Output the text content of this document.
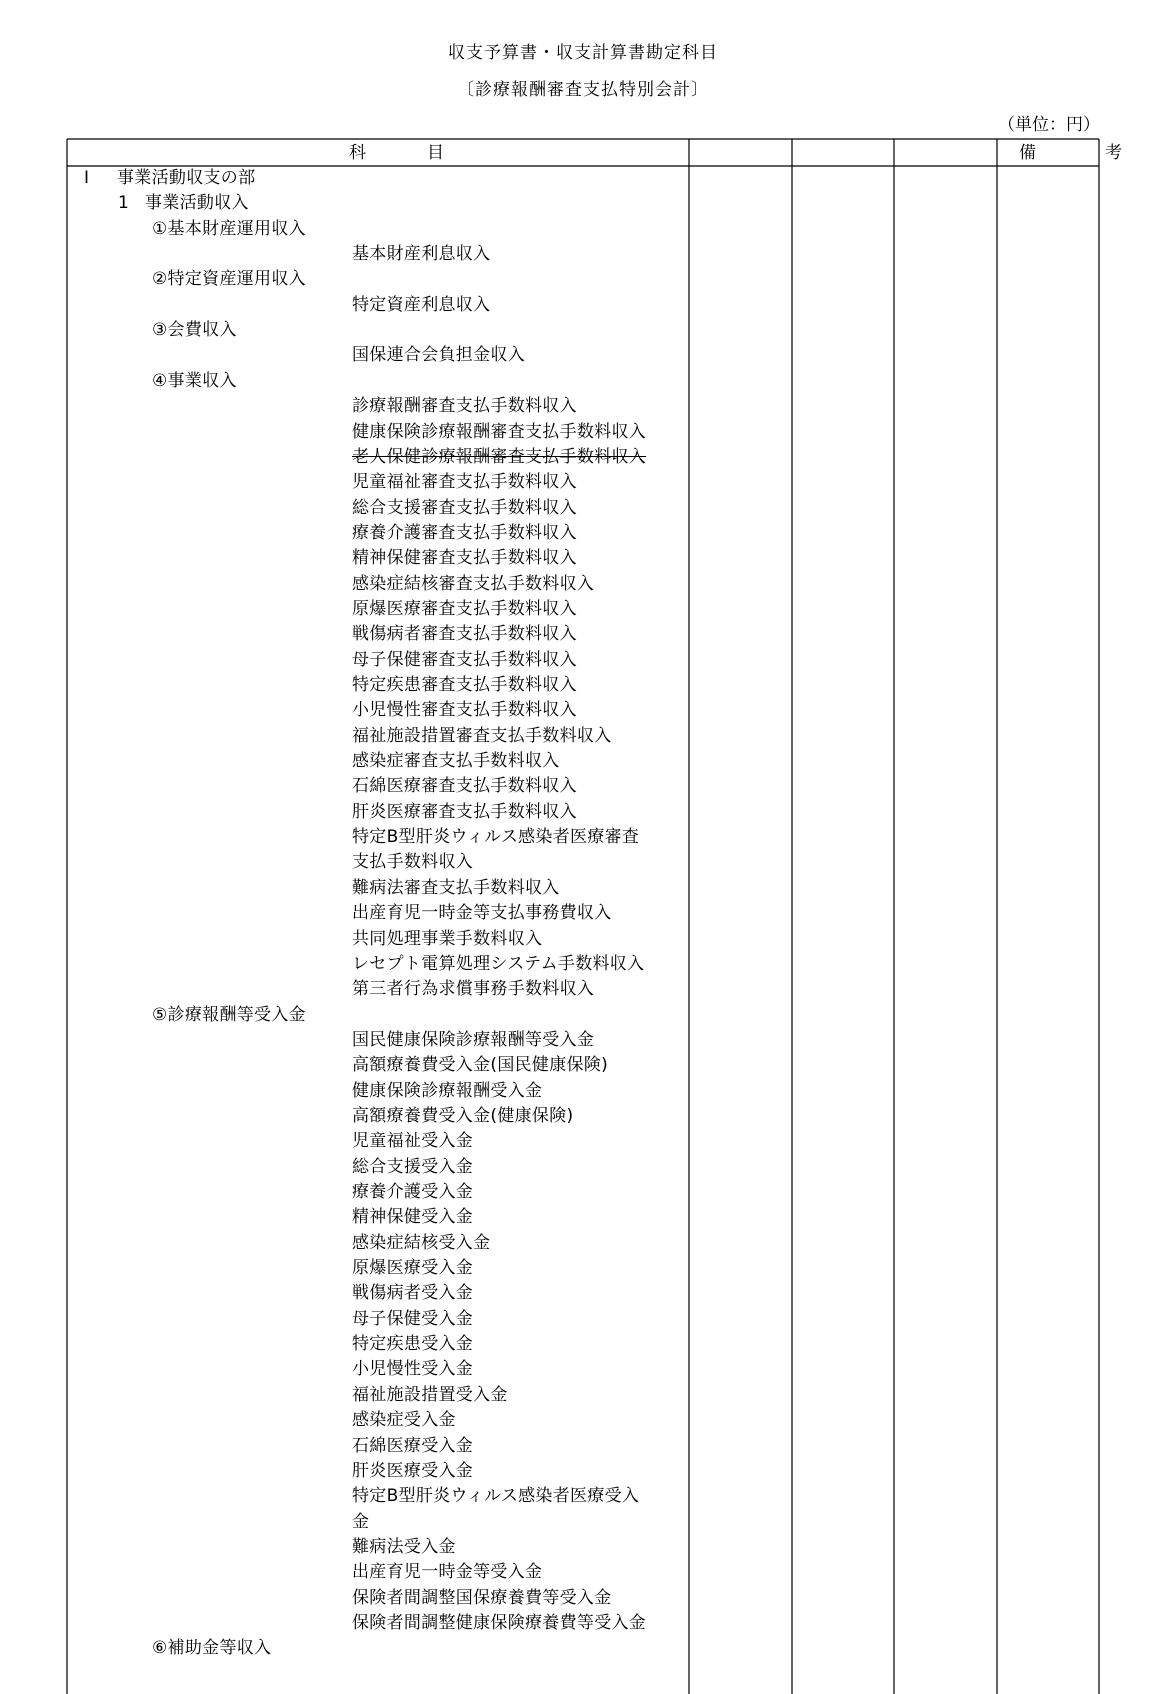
収支予算書・収支計算書勘定科目
〔診療報酬審査支払特別会計〕
（単位：円）
科　目	備　考
Ⅰ 事業活動収支の部
1 事業活動収入
①基本財産運用収入
基本財産利息収入
②特定資産運用収入
特定資産利息収入
③会費収入
国保連合会負担金収入
④事業収入
診療報酬審査支払手数料収入
健康保険診療報酬審査支払手数料収入
老人保健診療報酬審査支払手数料収入
児童福祉審査支払手数料収入
総合支援審査支払手数料収入
療養介護審査支払手数料収入
精神保健審査支払手数料収入
感染症結核審査支払手数料収入
原爆医療審査支払手数料収入
戦傷病者審査支払手数料収入
母子保健審査支払手数料収入
特定疾患審査支払手数料収入
小児慢性審査支払手数料収入
福祉施設措置審査支払手数料収入
感染症審査支払手数料収入
石綿医療審査支払手数料収入
肝炎医療審査支払手数料収入
特定B型肝炎ウィルス感染者医療審査
支払手数料収入
難病法審査支払手数料収入
出産育児一時金等支払事務費収入
共同処理事業手数料収入
レセプト電算処理システム手数料収入
第三者行為求償事務手数料収入
⑤診療報酬等受入金
国民健康保険診療報酬等受入金
高額療養費受入金(国民健康保険)
健康保険診療報酬受入金
高額療養費受入金(健康保険)
児童福祉受入金
総合支援受入金
療養介護受入金
精神保健受入金
感染症結核受入金
原爆医療受入金
戦傷病者受入金
母子保健受入金
特定疾患受入金
小児慢性受入金
福祉施設措置受入金
感染症受入金
石綿医療受入金
肝炎医療受入金
特定B型肝炎ウィルス感染者医療受入
金
難病法受入金
出産育児一時金等受入金
保険者間調整国保療養費等受入金
保険者間調整健康保険療養費等受入金
⑥補助金等収入
